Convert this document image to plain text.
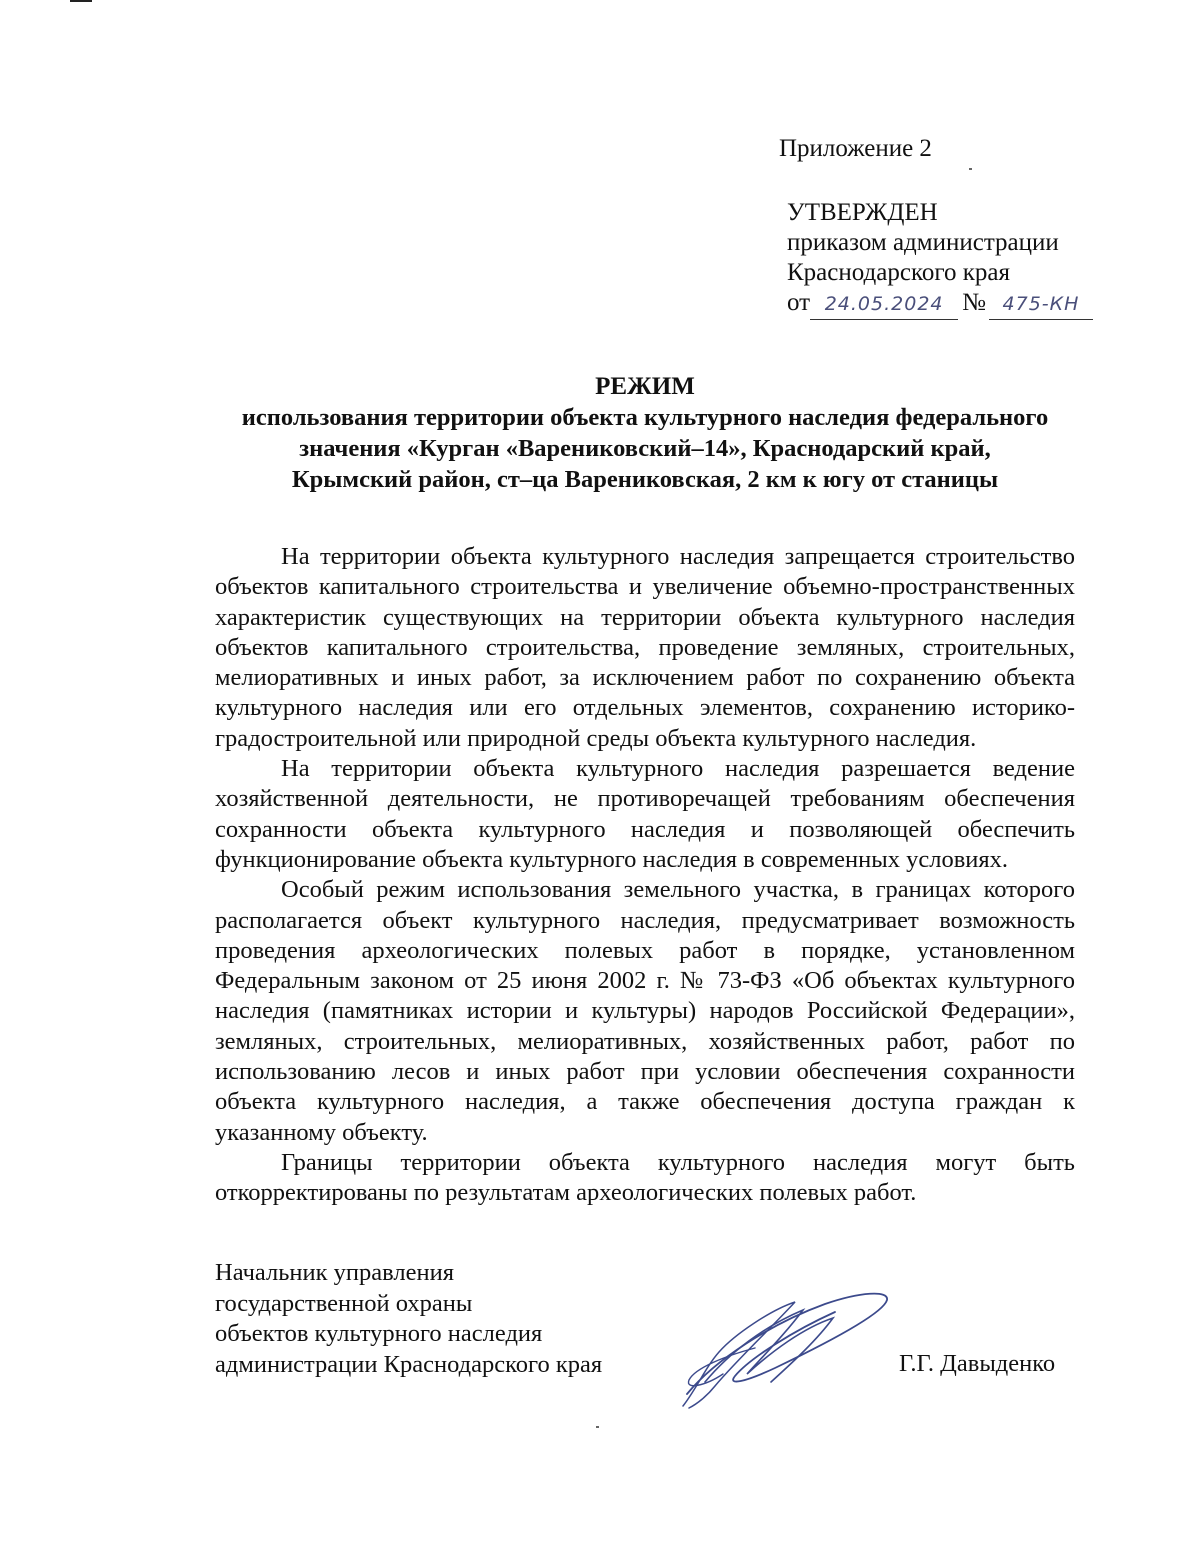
Приложение 2
УТВЕРЖДЕН
приказом администрации
Краснодарского края
от 24.05.2024 № 475-КН
РЕЖИМ
использования территории объекта культурного наследия федерального
значения «Курган «Варениковский–14», Краснодарский край,
Крымский район, ст–ца Варениковская, 2 км к югу от станицы

На территории объекта культурного наследия запрещается строительство объектов капитального строительства и увеличение объемно-пространственных характеристик существующих на территории объекта культурного наследия объектов капитального строительства, проведение земляных, строительных, мелиоративных и иных работ, за исключением работ по сохранению объекта культурного наследия или его отдельных элементов, сохранению историко-градостроительной или природной среды объекта культурного наследия.

На территории объекта культурного наследия разрешается ведение хозяйственной деятельности, не противоречащей требованиям обеспечения сохранности объекта культурного наследия и позволяющей обеспечить функционирование объекта культурного наследия в современных условиях.

Особый режим использования земельного участка, в границах которого располагается объект культурного наследия, предусматривает возможность проведения археологических полевых работ в порядке, установленном Федеральным законом от 25 июня 2002 г. № 73-ФЗ «Об объектах культурного наследия (памятниках истории и культуры) народов Российской Федерации», земляных, строительных, мелиоративных, хозяйственных работ, работ по использованию лесов и иных работ при условии обеспечения сохранности объекта культурного наследия, а также обеспечения доступа граждан к указанному объекту.

Границы территории объекта культурного наследия могут быть откорректированы по результатам археологических полевых работ.

Начальник управления
государственной охраны
объектов культурного наследия
администрации Краснодарского края	Г.Г. Давыденко
